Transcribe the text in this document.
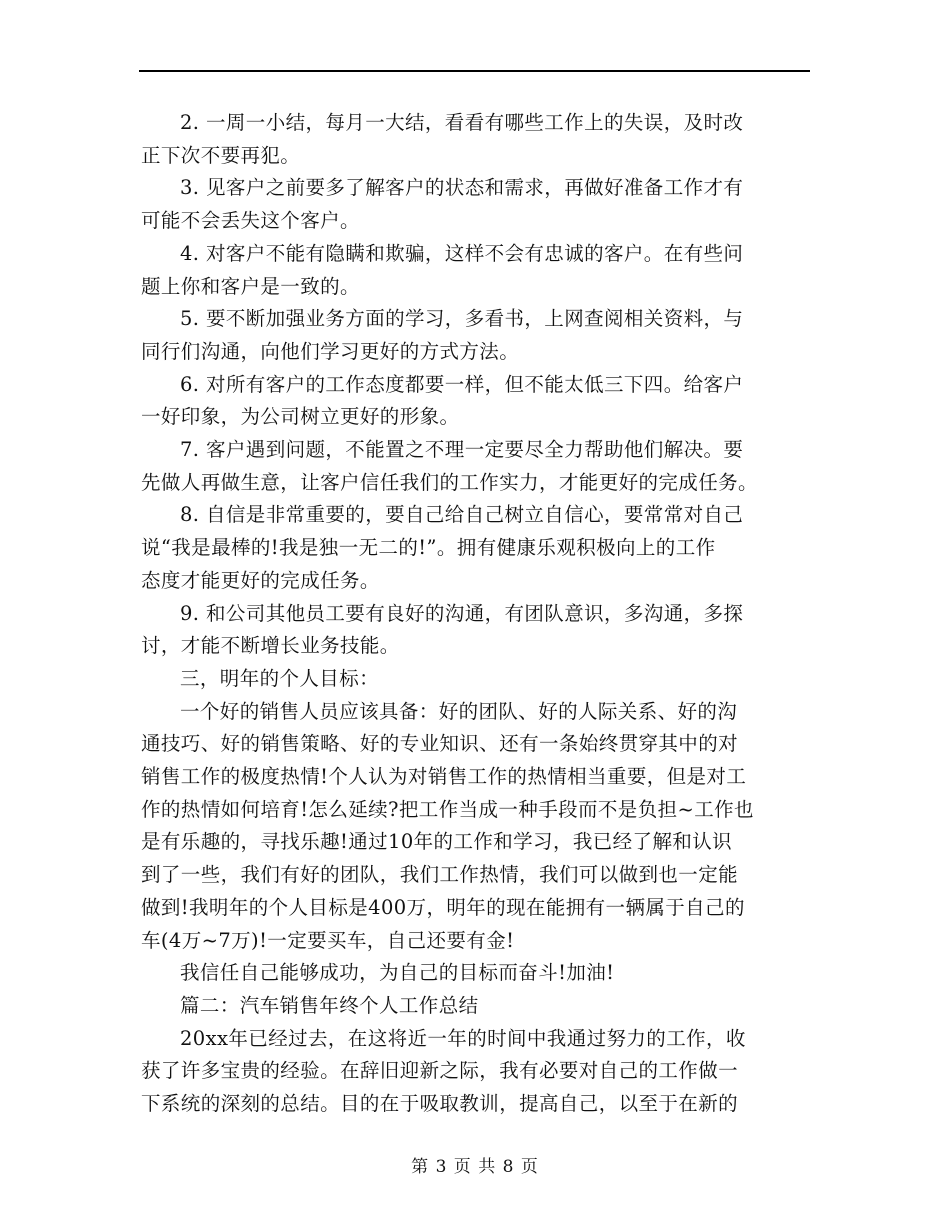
2. 一周一小结，每月一大结，看看有哪些工作上的失误，及时改
正下次不要再犯。

3. 见客户之前要多了解客户的状态和需求，再做好准备工作才有
可能不会丢失这个客户。

4. 对客户不能有隐瞒和欺骗，这样不会有忠诚的客户。在有些问
题上你和客户是一致的。

5. 要不断加强业务方面的学习，多看书，上网查阅相关资料，与
同行们沟通，向他们学习更好的方式方法。

6. 对所有客户的工作态度都要一样，但不能太低三下四。给客户
一好印象，为公司树立更好的形象。

7. 客户遇到问题，不能置之不理一定要尽全力帮助他们解决。要
先做人再做生意，让客户信任我们的工作实力，才能更好的完成任务。

8. 自信是非常重要的，要自己给自己树立自信心，要常常对自己
说“我是最棒的!我是独一无二的!”。拥有健康乐观积极向上的工作
态度才能更好的完成任务。

9. 和公司其他员工要有良好的沟通，有团队意识，多沟通，多探
讨，才能不断增长业务技能。

三，明年的个人目标：

一个好的销售人员应该具备：好的团队、好的人际关系、好的沟
通技巧、好的销售策略、好的专业知识、还有一条始终贯穿其中的对
销售工作的极度热情!个人认为对销售工作的热情相当重要，但是对工
作的热情如何培育!怎么延续?把工作当成一种手段而不是负担~工作也
是有乐趣的，寻找乐趣!通过10年的工作和学习，我已经了解和认识
到了一些，我们有好的团队，我们工作热情，我们可以做到也一定能
做到!我明年的个人目标是400万，明年的现在能拥有一辆属于自己的
车(4万~7万)!一定要买车，自己还要有金!

我信任自己能够成功，为自己的目标而奋斗!加油!

篇二：汽车销售年终个人工作总结

20xx年已经过去，在这将近一年的时间中我通过努力的工作，收
获了许多宝贵的经验。在辞旧迎新之际，我有必要对自己的工作做一
下系统的深刻的总结。目的在于吸取教训，提高自己，以至于在新的

第 3 页 共 8 页
